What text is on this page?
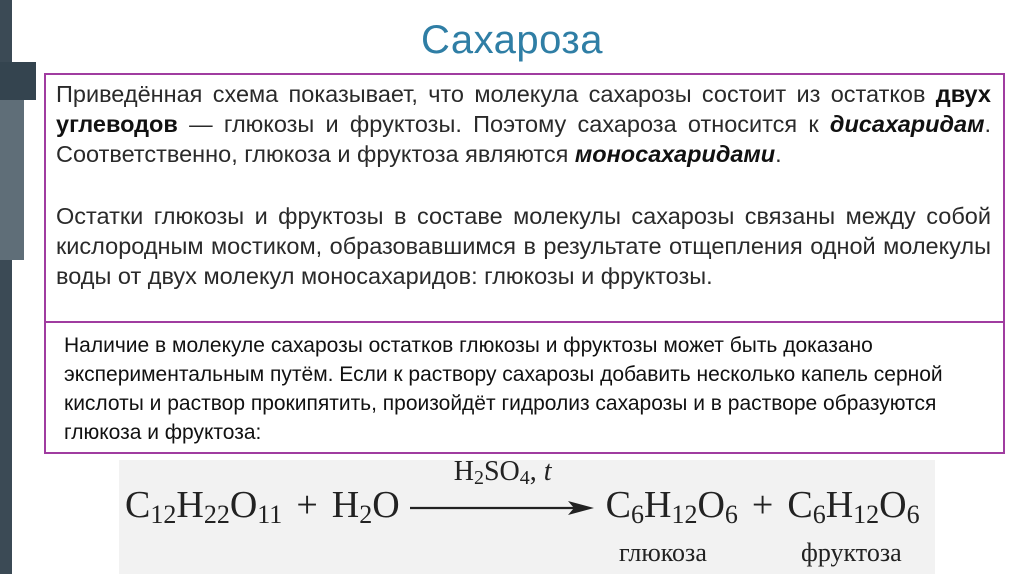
Сахароза

Приведённая схема показывает, что молекула сахарозы состоит из остатков двух углеводов — глюкозы и фруктозы. Поэтому сахароза относится к дисахаридам. Соответственно, глюкоза и фруктоза являются моносахаридами.

Остатки глюкозы и фруктозы в составе молекулы сахарозы связаны между собой кислородным мостиком, образовавшимся в результате отщепления одной молекулы воды от двух молекул моносахаридов: глюкозы и фруктозы.

Наличие в молекуле сахарозы остатков глюкозы и фруктозы может быть доказано экспериментальным путём. Если к раствору сахарозы добавить несколько капель серной кислоты и раствор прокипятить, произойдёт гидролиз сахарозы и в растворе образуются глюкоза и фруктоза:

$C_{12}H_{22}O_{11} + H_2O$
$H_2SO_4$, t
$C_6H_{12}O_6 + C_6H_{12}O_6$
глюкоза	фруктоза
